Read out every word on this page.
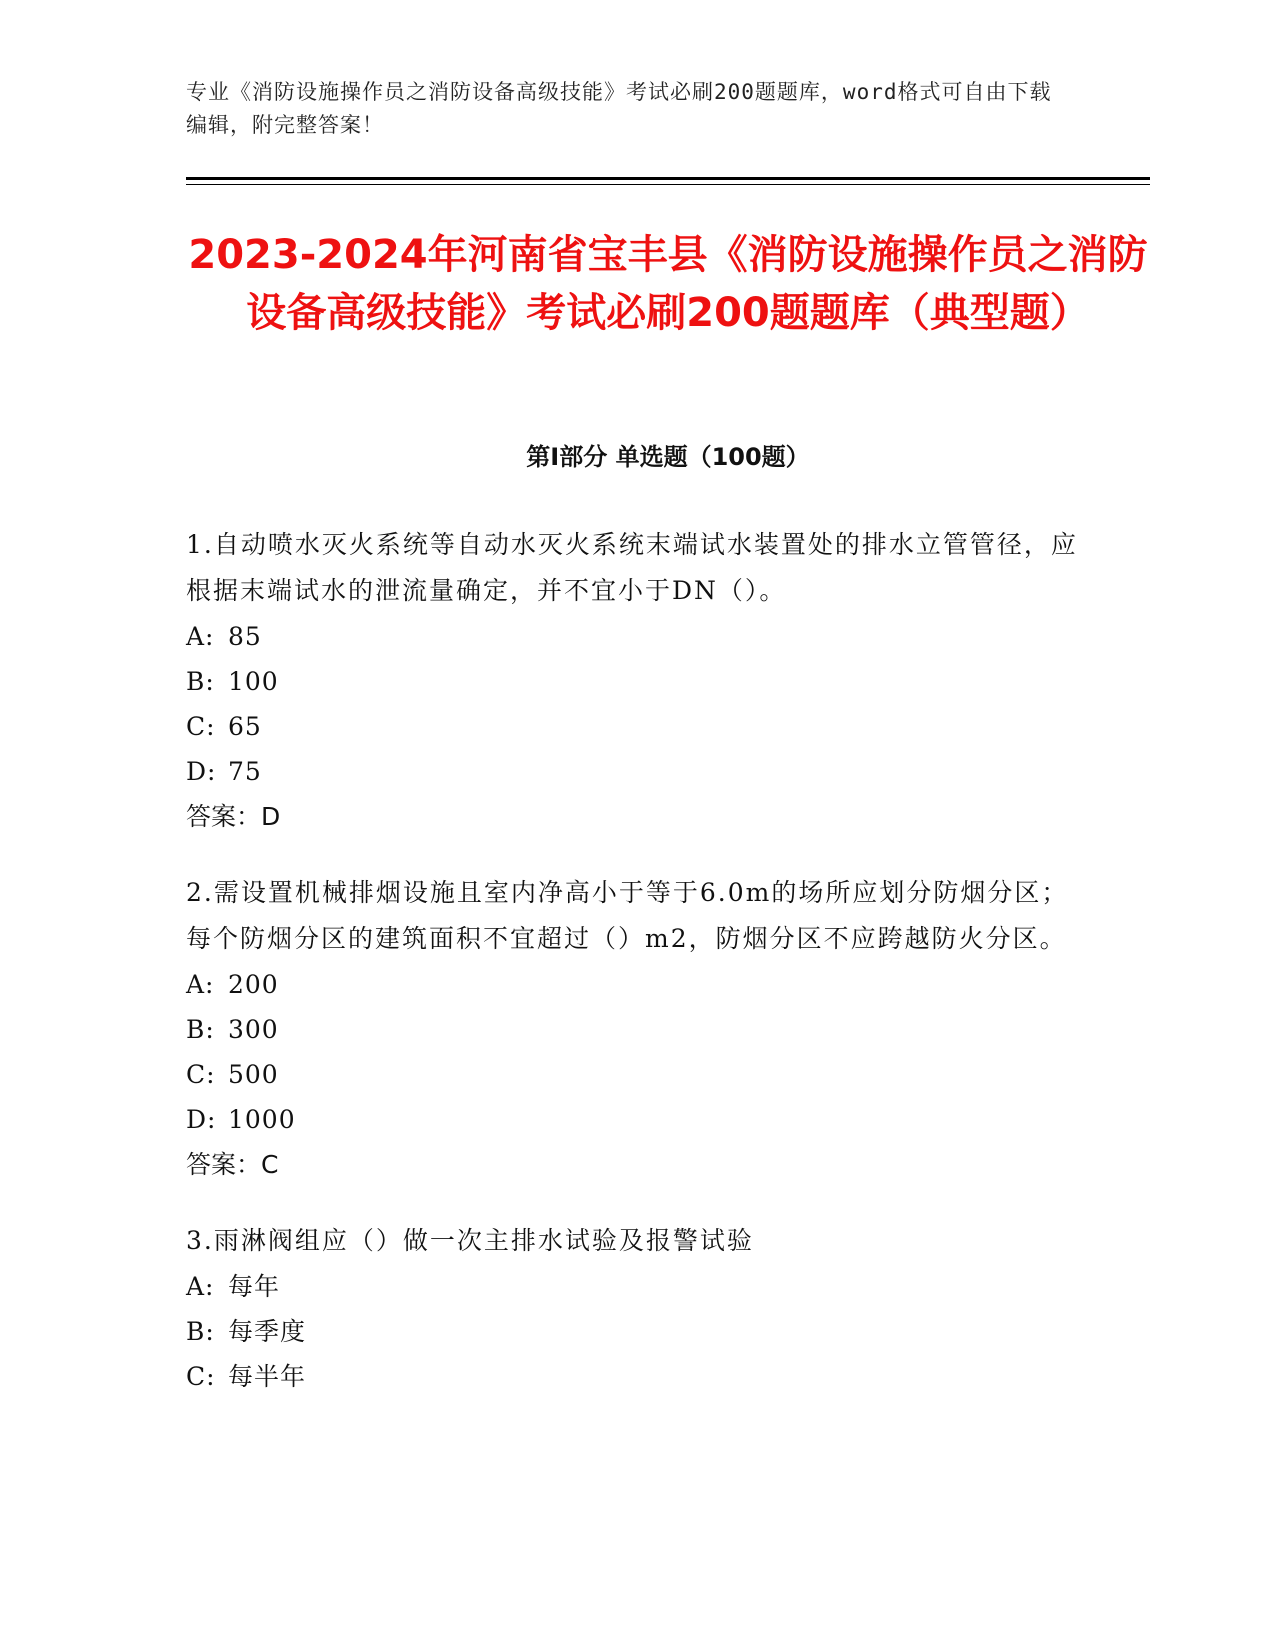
专业《消防设施操作员之消防设备高级技能》考试必刷200题题库，word格式可自由下载编辑，附完整答案！
2023-2024年河南省宝丰县《消防设施操作员之消防设备高级技能》考试必刷200题题库（典型题）
第I部分 单选题（100题）
1.自动喷水灭火系统等自动水灭火系统末端试水装置处的排水立管管径，应根据末端试水的泄流量确定，并不宜小于DN（）。
A: 85
B: 100
C: 65
D: 75
答案：D
2.需设置机械排烟设施且室内净高小于等于6.0m的场所应划分防烟分区；每个防烟分区的建筑面积不宜超过（）m2，防烟分区不应跨越防火分区。
A: 200
B: 300
C: 500
D: 1000
答案：C
3.雨淋阀组应（）做一次主排水试验及报警试验
A: 每年
B: 每季度
C: 每半年
